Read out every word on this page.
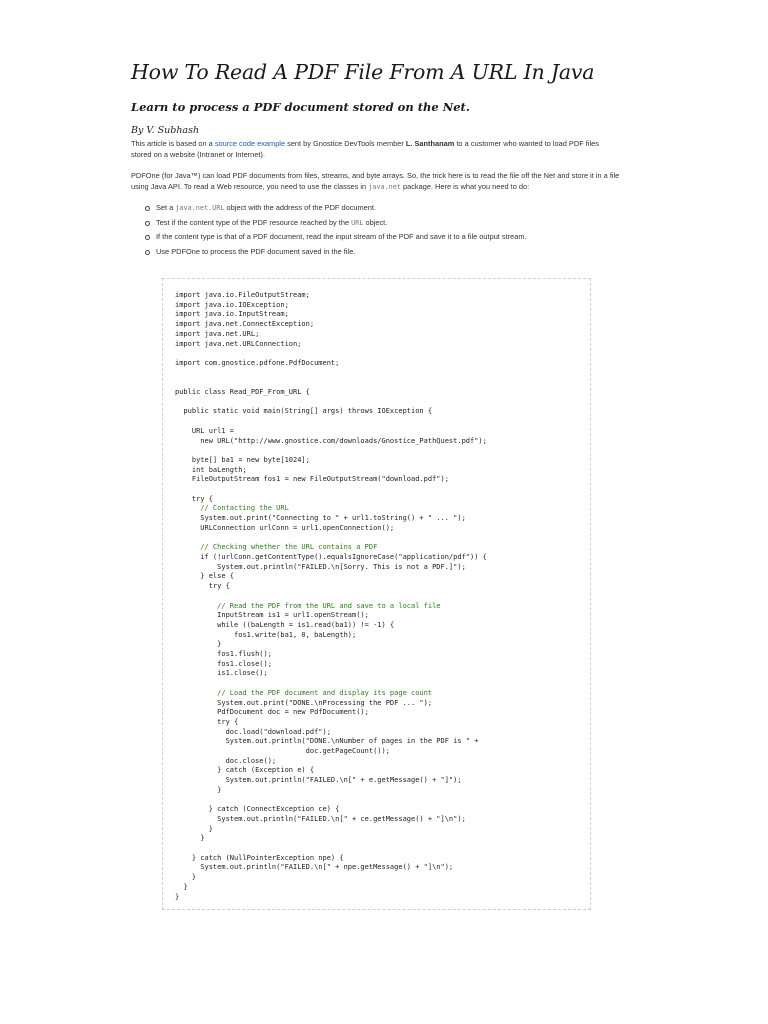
How To Read A PDF File From A URL In Java
Learn to process a PDF document stored on the Net.

By V. Subhash

This article is based on a source code example sent by Gnostice DevTools member L. Santhanam to a customer who wanted to load PDF files stored on a website (Intranet or Internet).

PDFOne (for Java™) can load PDF documents from files, streams, and byte arrays. So, the trick here is to read the file off the Net and store it in a file using Java API. To read a Web resource, you need to use the classes in java.net package. Here is what you need to do:

Set a java.net.URL object with the address of the PDF document.
Test if the content type of the PDF resource reached by the URL object.
If the content type is that of a PDF document, read the input stream of the PDF and save it to a file output stream.
Use PDFOne to process the PDF document saved in the file.
import java.io.FileOutputStream;
import java.io.IOException;
import java.io.InputStream;
import java.net.ConnectException;
import java.net.URL;
import java.net.URLConnection;

import com.gnostice.pdfone.PdfDocument;

public class Read_PDF_From_URL {

public static void main(String[] args) throws IOException {

URL url1 =
new URL("http://www.gnostice.com/downloads/Gnostice_PathQuest.pdf");

byte[] ba1 = new byte[1024];
int baLength;
FileOutputStream fos1 = new FileOutputStream("download.pdf");

try {
// Contacting the URL
System.out.print("Connecting to " + url1.toString() + " ... ");
URLConnection urlConn = url1.openConnection();

// Checking whether the URL contains a PDF
if (!urlConn.getContentType().equalsIgnoreCase("application/pdf")) {
System.out.println("FAILED.\n[Sorry. This is not a PDF.]");
} else {
try {

// Read the PDF from the URL and save to a local file
InputStream is1 = url1.openStream();
while ((baLength = is1.read(ba1)) != -1) {
fos1.write(ba1, 0, baLength);
}
fos1.flush();
fos1.close();
is1.close();

// Load the PDF document and display its page count
System.out.print("DONE.\nProcessing the PDF ... ");
PdfDocument doc = new PdfDocument();
try {
doc.load("download.pdf");
System.out.println("DONE.\nNumber of pages in the PDF is " +
doc.getPageCount());
doc.close();
} catch (Exception e) {
System.out.println("FAILED.\n[" + e.getMessage() + "]");
}

} catch (ConnectException ce) {
System.out.println("FAILED.\n[" + ce.getMessage() + "]\n");
}
}

} catch (NullPointerException npe) {
System.out.println("FAILED.\n[" + npe.getMessage() + "]\n");
}
}
}
